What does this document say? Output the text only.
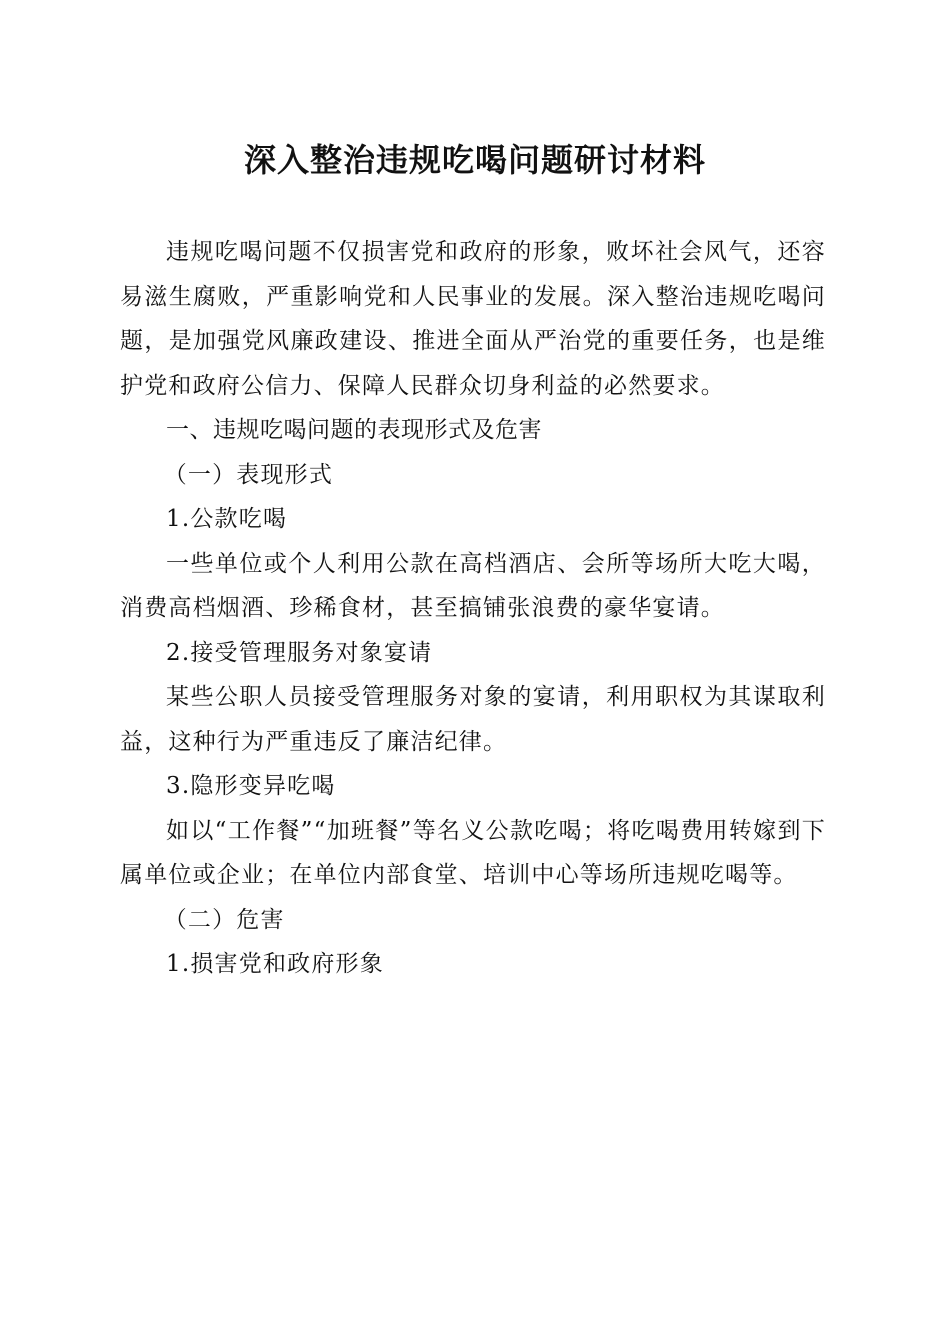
深入整治违规吃喝问题研讨材料

违规吃喝问题不仅损害党和政府的形象，败坏社会风气，还容易滋生腐败，严重影响党和人民事业的发展。深入整治违规吃喝问题，是加强党风廉政建设、推进全面从严治党的重要任务，也是维护党和政府公信力、保障人民群众切身利益的必然要求。

一、违规吃喝问题的表现形式及危害

（一）表现形式

1.公款吃喝

一些单位或个人利用公款在高档酒店、会所等场所大吃大喝，消费高档烟酒、珍稀食材，甚至搞铺张浪费的豪华宴请。

2.接受管理服务对象宴请

某些公职人员接受管理服务对象的宴请，利用职权为其谋取利益，这种行为严重违反了廉洁纪律。

3.隐形变异吃喝

如以“工作餐”“加班餐”等名义公款吃喝；将吃喝费用转嫁到下属单位或企业；在单位内部食堂、培训中心等场所违规吃喝等。

（二）危害

1.损害党和政府形象
